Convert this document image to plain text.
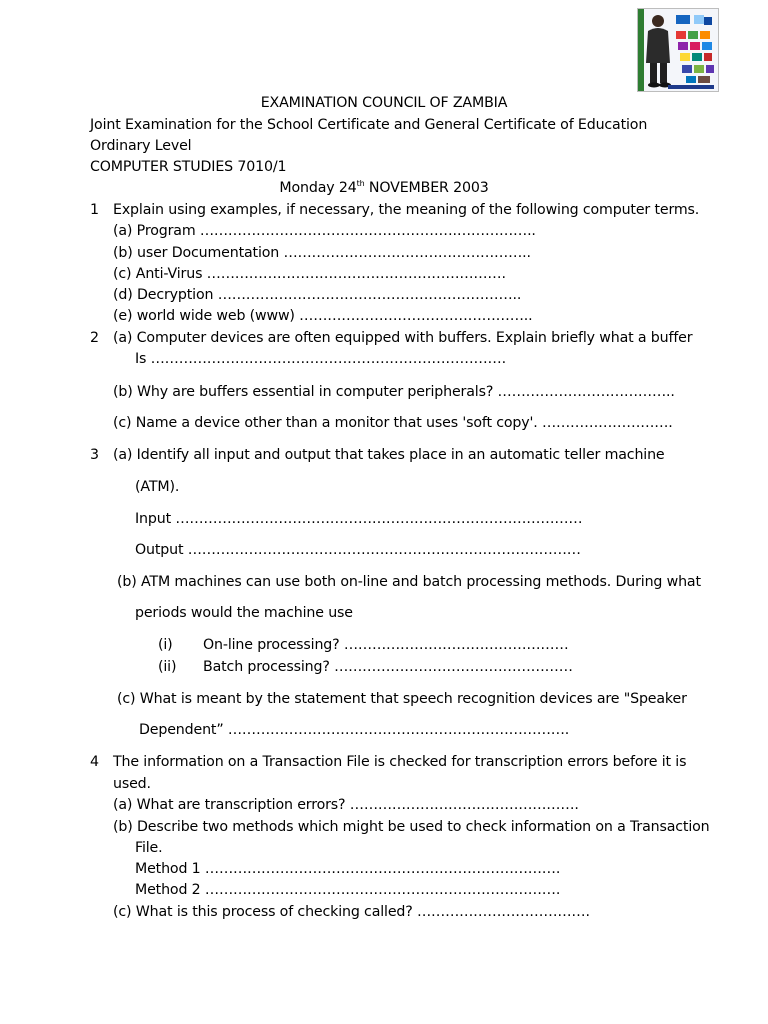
EXAMINATION COUNCIL OF ZAMBIA
Joint Examination for the School Certificate and General Certificate of Education
Ordinary Level
COMPUTER STUDIES 7010/1
Monday 24th NOVEMBER 2003
1 Explain using examples, if necessary, the meaning of the following computer terms.
(a) Program ……………………………………………….……………..
(b) user Documentation ……………………………………………..
(c) Anti-Virus ……………………………………………………….
(d) Decryption ………………………………………………………..
(e) world wide web (www) …………………………………………..
2 (a) Computer devices are often equipped with buffers. Explain briefly what a buffer
Is ………………………………………………………………….
(b) Why are buffers essential in computer peripherals? ………………………………..
(c) Name a device other than a monitor that uses 'soft copy'. ……………………….
3 (a) Identify all input and output that takes place in an automatic teller machine
(ATM).
Input ……………………………………………………………………………
Output …………………………………………………………………………
(b) ATM machines can use both on-line and batch processing methods. During what
periods would the machine use
(i) On-line processing? …………………………………………
(ii) Batch processing? ……………………………………………
(c) What is meant by the statement that speech recognition devices are "Speaker
Dependent” ……………………………………………………………….
4 The information on a Transaction File is checked for transcription errors before it is
used.
(a) What are transcription errors? ………………………………………….
(b) Describe two methods which might be used to check information on a Transaction
File.
Method 1 ………………………………………………………………….
Method 2 ………………………………………………………………….
(c) What is this process of checking called? ……………………………….
